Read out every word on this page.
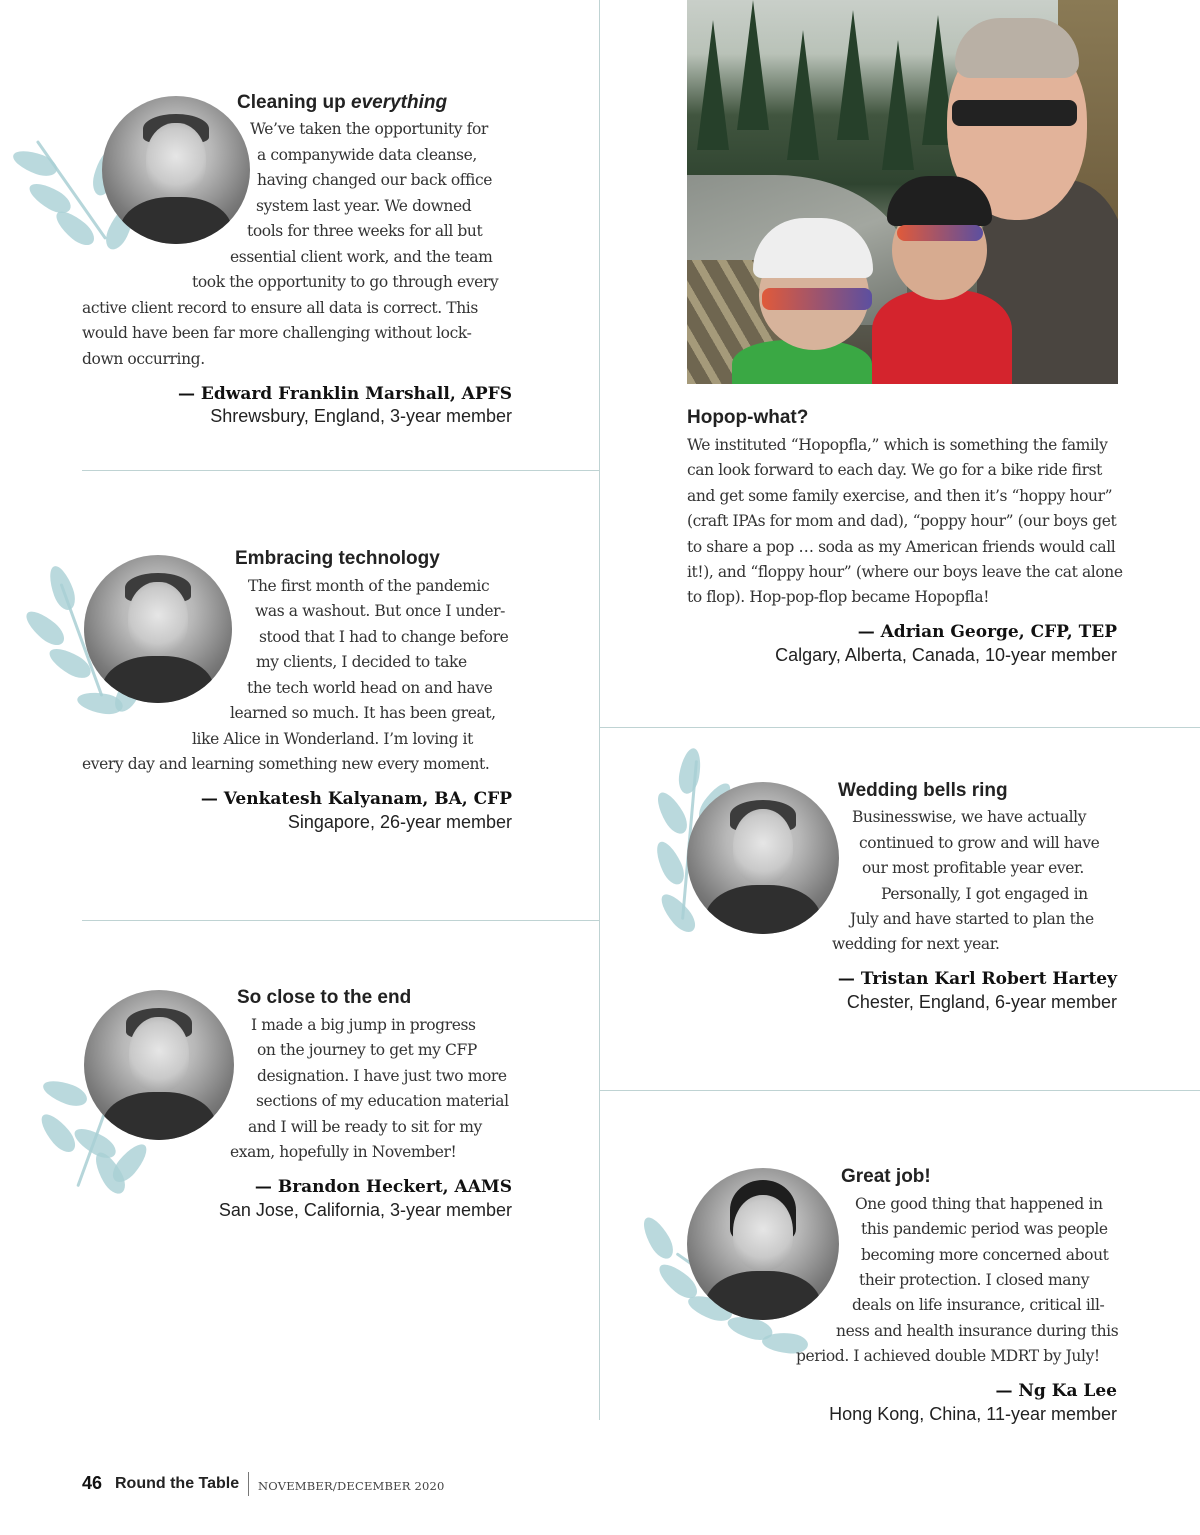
Cleaning up everything
We’ve taken the opportunity for
a companywide data cleanse,
having changed our back office
system last year. We downed
tools for three weeks for all but
essential client work, and the team
took the opportunity to go through every
active client record to ensure all data is correct. This
would have been far more challenging without lock-
down occurring.
— Edward Franklin Marshall, APFS
Shrewsbury, England, 3-year member
Embracing technology
The first month of the pandemic
was a washout. But once I under-
stood that I had to change before
my clients, I decided to take
the tech world head on and have
learned so much. It has been great,
like Alice in Wonderland. I’m loving it
every day and learning something new every moment.
— Venkatesh Kalyanam, BA, CFP
Singapore, 26-year member
So close to the end
I made a big jump in progress
on the journey to get my CFP
designation. I have just two more
sections of my education material
and I will be ready to sit for my
exam, hopefully in November!
— Brandon Heckert, AAMS
San Jose, California, 3-year member
Hopop-what?
We instituted “Hopopfla,” which is something the family
can look forward to each day. We go for a bike ride first
and get some family exercise, and then it’s “hoppy hour”
(craft IPAs for mom and dad), “poppy hour” (our boys get
to share a pop … soda as my American friends would call
it!), and “floppy hour” (where our boys leave the cat alone
to flop). Hop-pop-flop became Hopopfla!
— Adrian George, CFP, TEP
Calgary, Alberta, Canada, 10-year member
Wedding bells ring
Businesswise, we have actually
continued to grow and will have
our most profitable year ever.
Personally, I got engaged in
July and have started to plan the
wedding for next year.
— Tristan Karl Robert Hartey
Chester, England, 6-year member
Great job!
One good thing that happened in
this pandemic period was people
becoming more concerned about
their protection. I closed many
deals on life insurance, critical ill-
ness and health insurance during this
period. I achieved double MDRT by July!
— Ng Ka Lee
Hong Kong, China, 11-year member
46 Round the Table NOVEMBER/DECEMBER 2020
